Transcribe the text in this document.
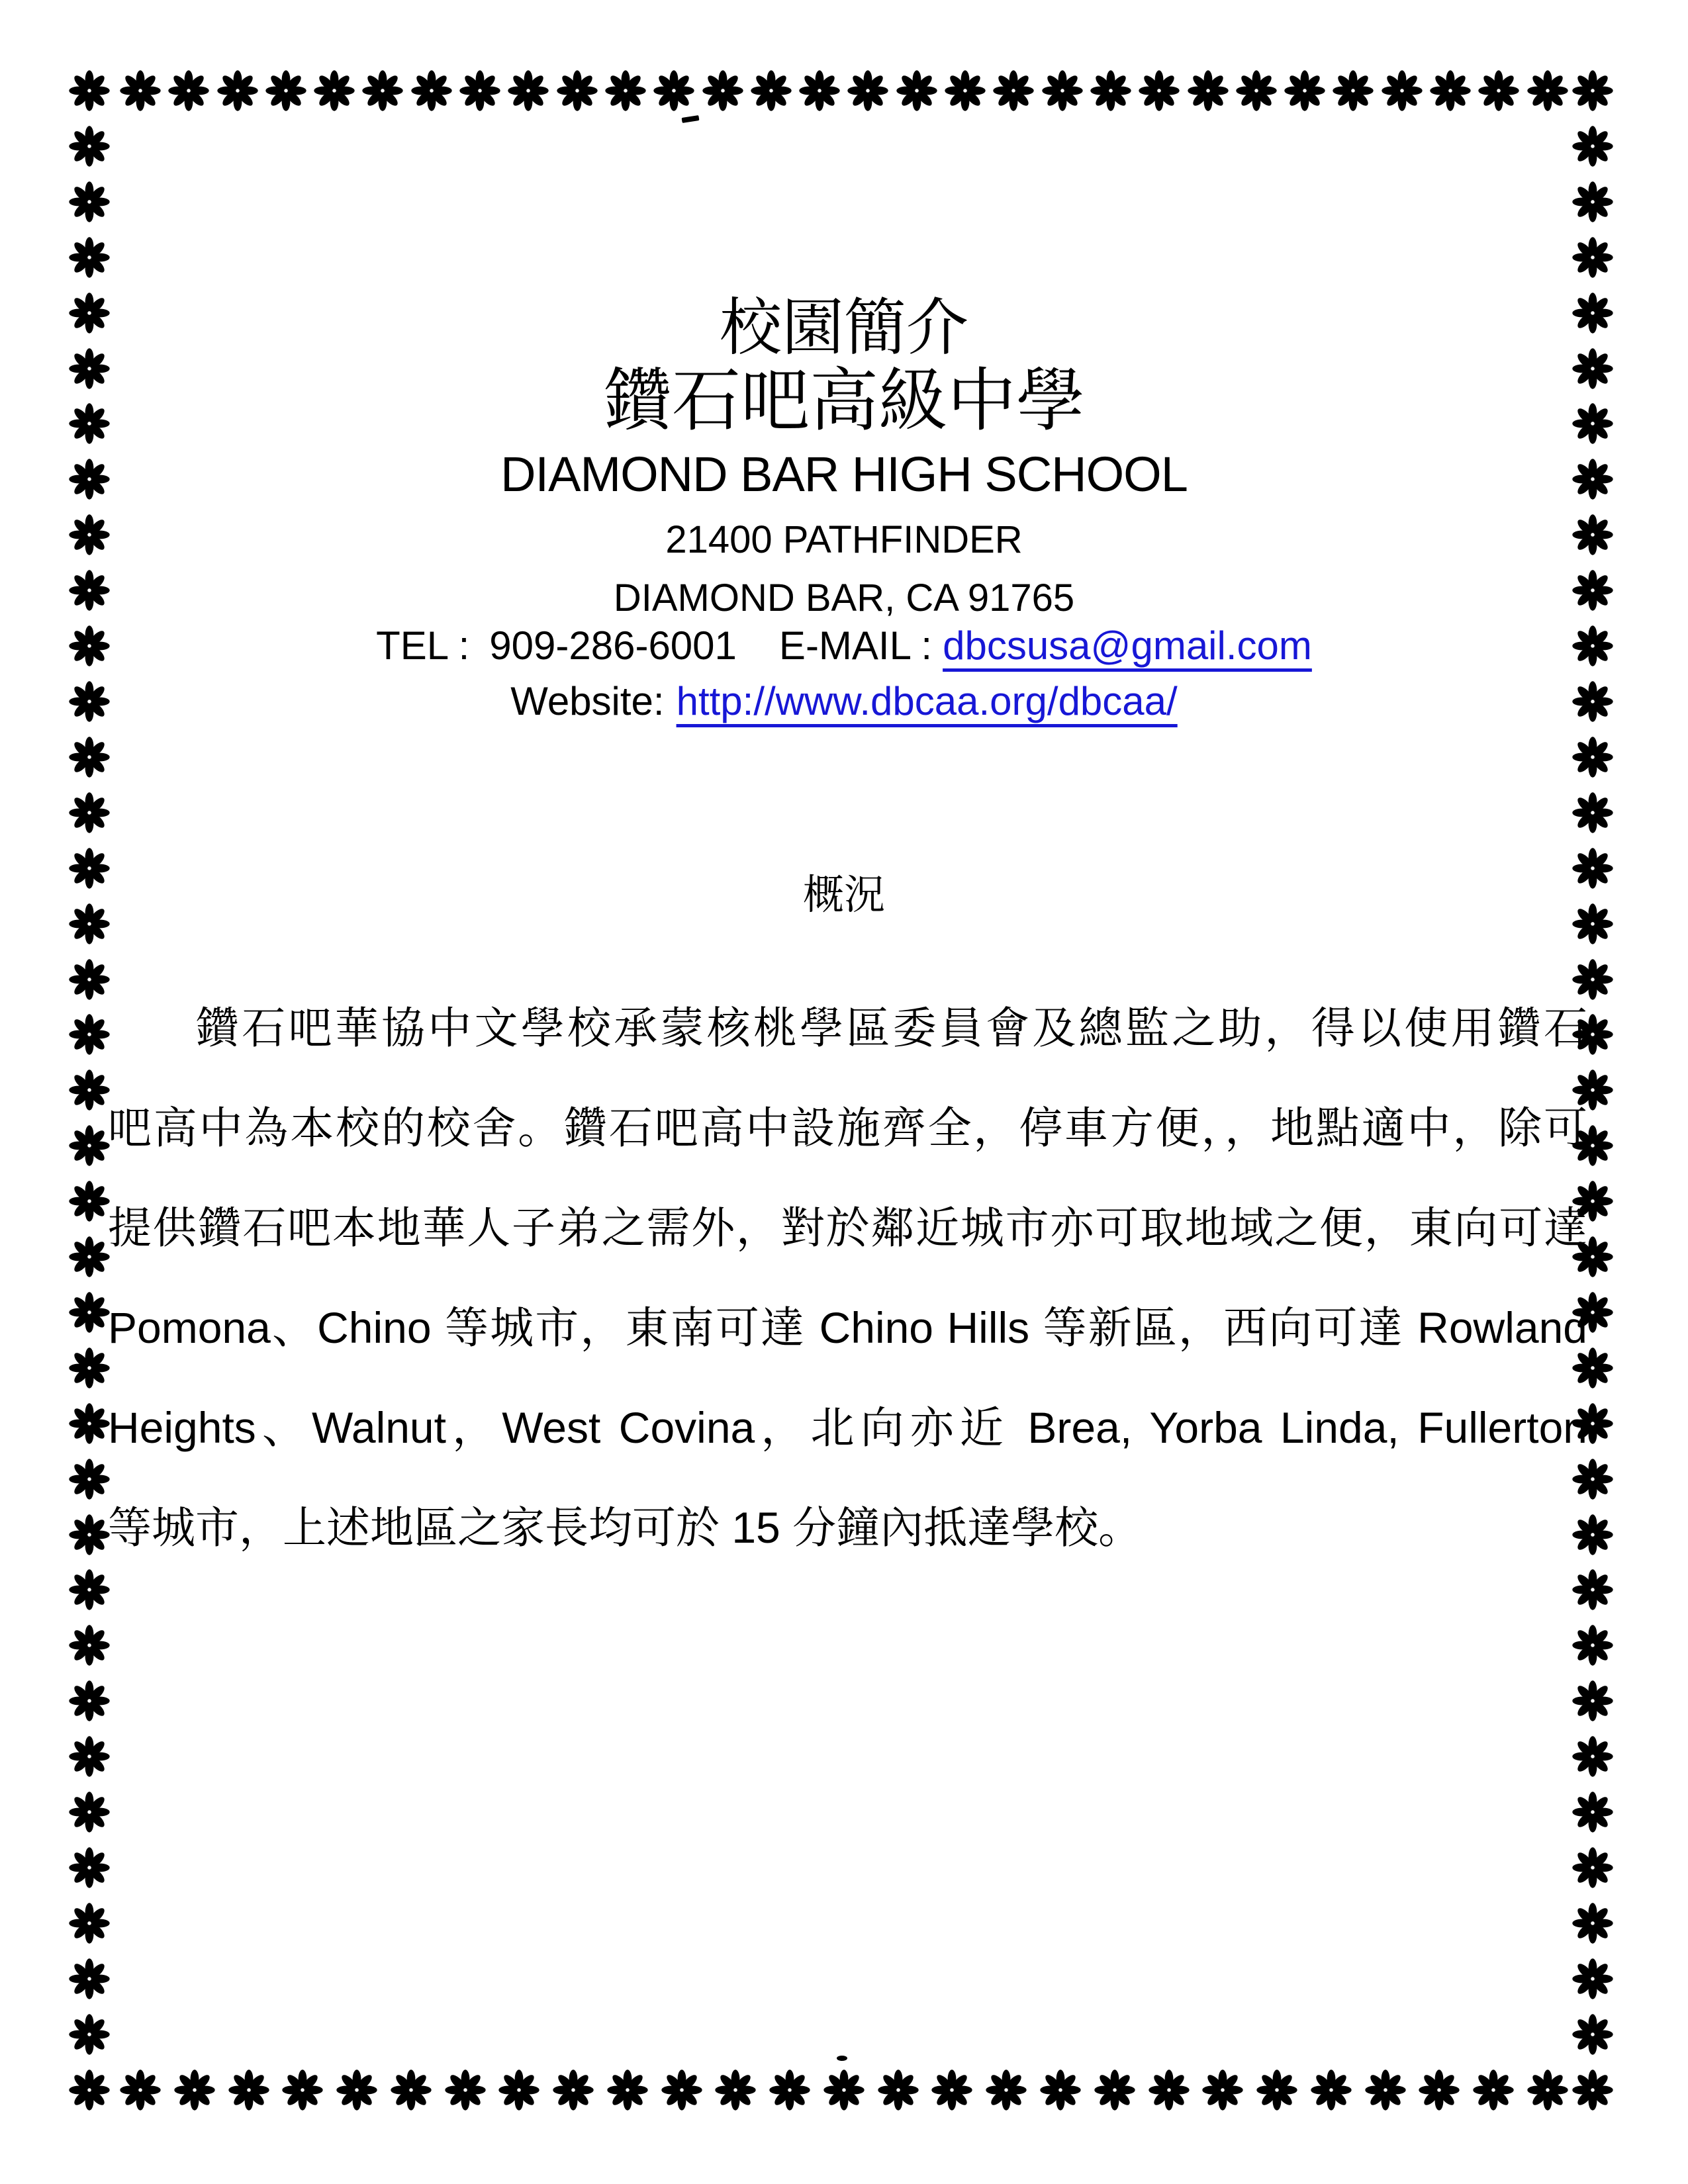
校園簡介
鑽石吧高級中學
DIAMOND BAR HIGH SCHOOL
21400 PATHFINDER
DIAMOND BAR, CA 91765
TEL : 909-286-6001 E-MAIL : dbcsusa@gmail.com
Website: http://www.dbcaa.org/dbcaa/
概況
鑽石吧華協中文學校承蒙核桃學區委員會及總監之助，得以使用鑽石
吧高中為本校的校舍。鑽石吧高中設施齊全，停車方便，，地點適中，除可
提供鑽石吧本地華人子弟之需外，對於鄰近城市亦可取地域之便，東向可達
Pomona、Chino 等城市，東南可達 Chino Hills 等新區，西向可達 Rowland
Heights、Walnut，West Covina，北向亦近 Brea, Yorba Linda, Fullerton
等城市，上述地區之家長均可於 15 分鐘內抵達學校。
